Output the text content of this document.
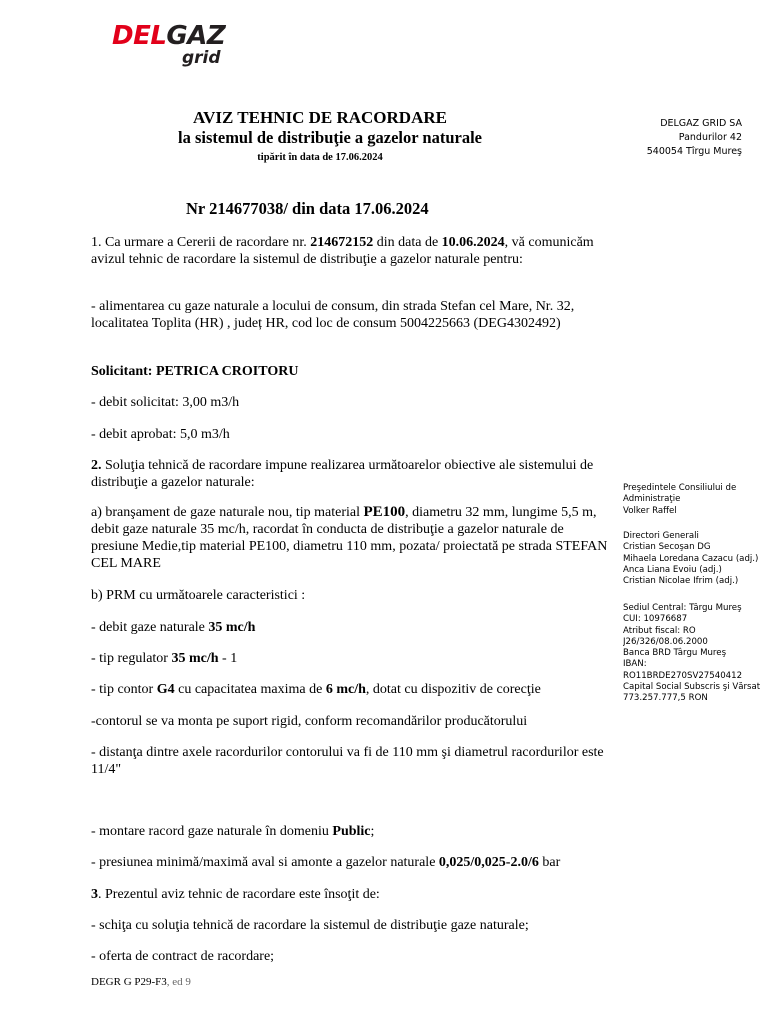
DELGAZ
grid
AVIZ TEHNIC DE RACORDARE
la sistemul de distribuţie a gazelor naturale
tipărit în data de 17.06.2024
DELGAZ GRID SA
Pandurilor 42
540054 Tîrgu Mureş
Nr 214677038/ din data 17.06.2024
1. Ca urmare a Cererii de racordare nr. 214672152 din data de 10.06.2024, vă comunicăm avizul tehnic de racordare la sistemul de distribuţie a gazelor naturale pentru:
- alimentarea cu gaze naturale a locului de consum, din strada Stefan cel Mare, Nr. 32, localitatea Toplita (HR) , județ HR, cod loc de consum 5004225663 (DEG4302492)
Solicitant: PETRICA CROITORU
- debit solicitat: 3,00 m3/h
- debit aprobat: 5,0 m3/h
2. Soluţia tehnică de racordare impune realizarea următoarelor obiective ale sistemului de distribuţie a gazelor naturale:
a) branşament de gaze naturale nou, tip material PE100, diametru 32 mm, lungime 5,5 m, debit gaze naturale 35 mc/h, racordat în conducta de distribuţie a gazelor naturale de presiune Medie,tip material PE100, diametru 110 mm, pozata/ proiectată pe strada STEFAN CEL MARE
b) PRM cu următoarele caracteristici :
- debit gaze naturale 35 mc/h
- tip regulator 35 mc/h - 1
- tip contor G4 cu capacitatea maxima de 6 mc/h, dotat cu dispozitiv de corecţie
-contorul se va monta pe suport rigid, conform recomandărilor producătorului
- distanţa dintre axele racordurilor contorului va fi de 110 mm şi diametrul racordurilor este 11/4"
- montare racord gaze naturale în domeniu Public;
- presiunea minimă/maximă aval si amonte a gazelor naturale 0,025/0,025-2.0/6 bar
3. Prezentul aviz tehnic de racordare este însoţit de:
- schiţa cu soluţia tehnică de racordare la sistemul de distribuţie gaze naturale;
- oferta de contract de racordare;
DEGR G P29-F3, ed 9
Preşedintele Consiliului de
Administraţie
Volker Raffel
Directori Generali
Cristian Secoşan DG
Mihaela Loredana Cazacu (adj.)
Anca Liana Evoiu (adj.)
Cristian Nicolae Ifrim (adj.)
Sediul Central: Târgu Mureş
CUI: 10976687
Atribut fiscal: RO
J26/326/08.06.2000
Banca BRD Târgu Mureş
IBAN:
RO11BRDE270SV27540412
Capital Social Subscris şi Vărsat
773.257.777,5 RON
